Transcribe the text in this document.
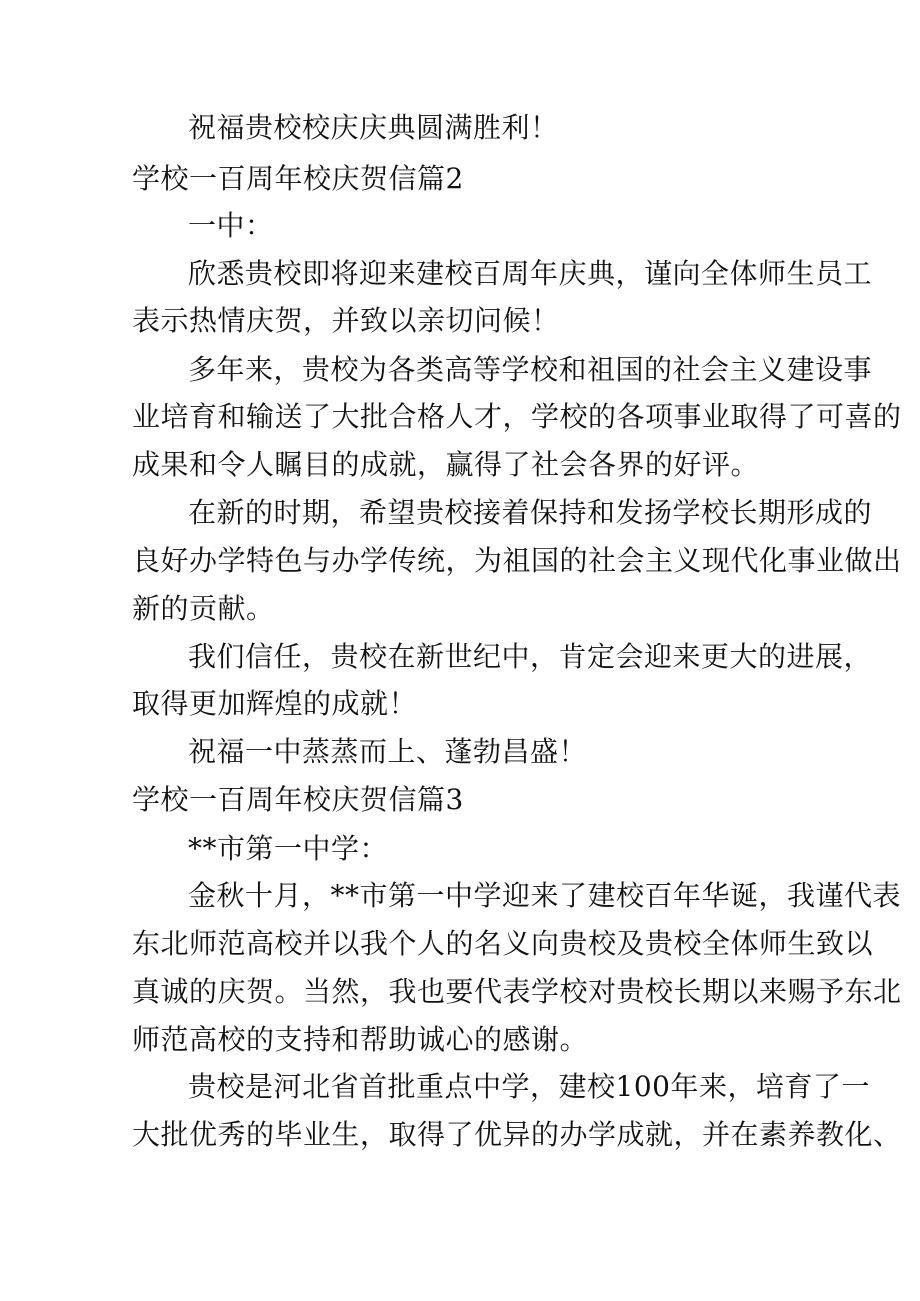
祝福贵校校庆庆典圆满胜利！

学校一百周年校庆贺信篇2

一中：

欣悉贵校即将迎来建校百周年庆典，谨向全体师生员工

表示热情庆贺，并致以亲切问候！

多年来，贵校为各类高等学校和祖国的社会主义建设事

业培育和输送了大批合格人才，学校的各项事业取得了可喜的

成果和令人瞩目的成就，赢得了社会各界的好评。

在新的时期，希望贵校接着保持和发扬学校长期形成的

良好办学特色与办学传统，为祖国的社会主义现代化事业做出

新的贡献。

我们信任，贵校在新世纪中，肯定会迎来更大的进展，

取得更加辉煌的成就！

祝福一中蒸蒸而上、蓬勃昌盛！

学校一百周年校庆贺信篇3

**市第一中学：

金秋十月，**市第一中学迎来了建校百年华诞，我谨代表

东北师范高校并以我个人的名义向贵校及贵校全体师生致以

真诚的庆贺。当然，我也要代表学校对贵校长期以来赐予东北

师范高校的支持和帮助诚心的感谢。

贵校是河北省首批重点中学，建校100年来，培育了一

大批优秀的毕业生，取得了优异的办学成就，并在素养教化、
